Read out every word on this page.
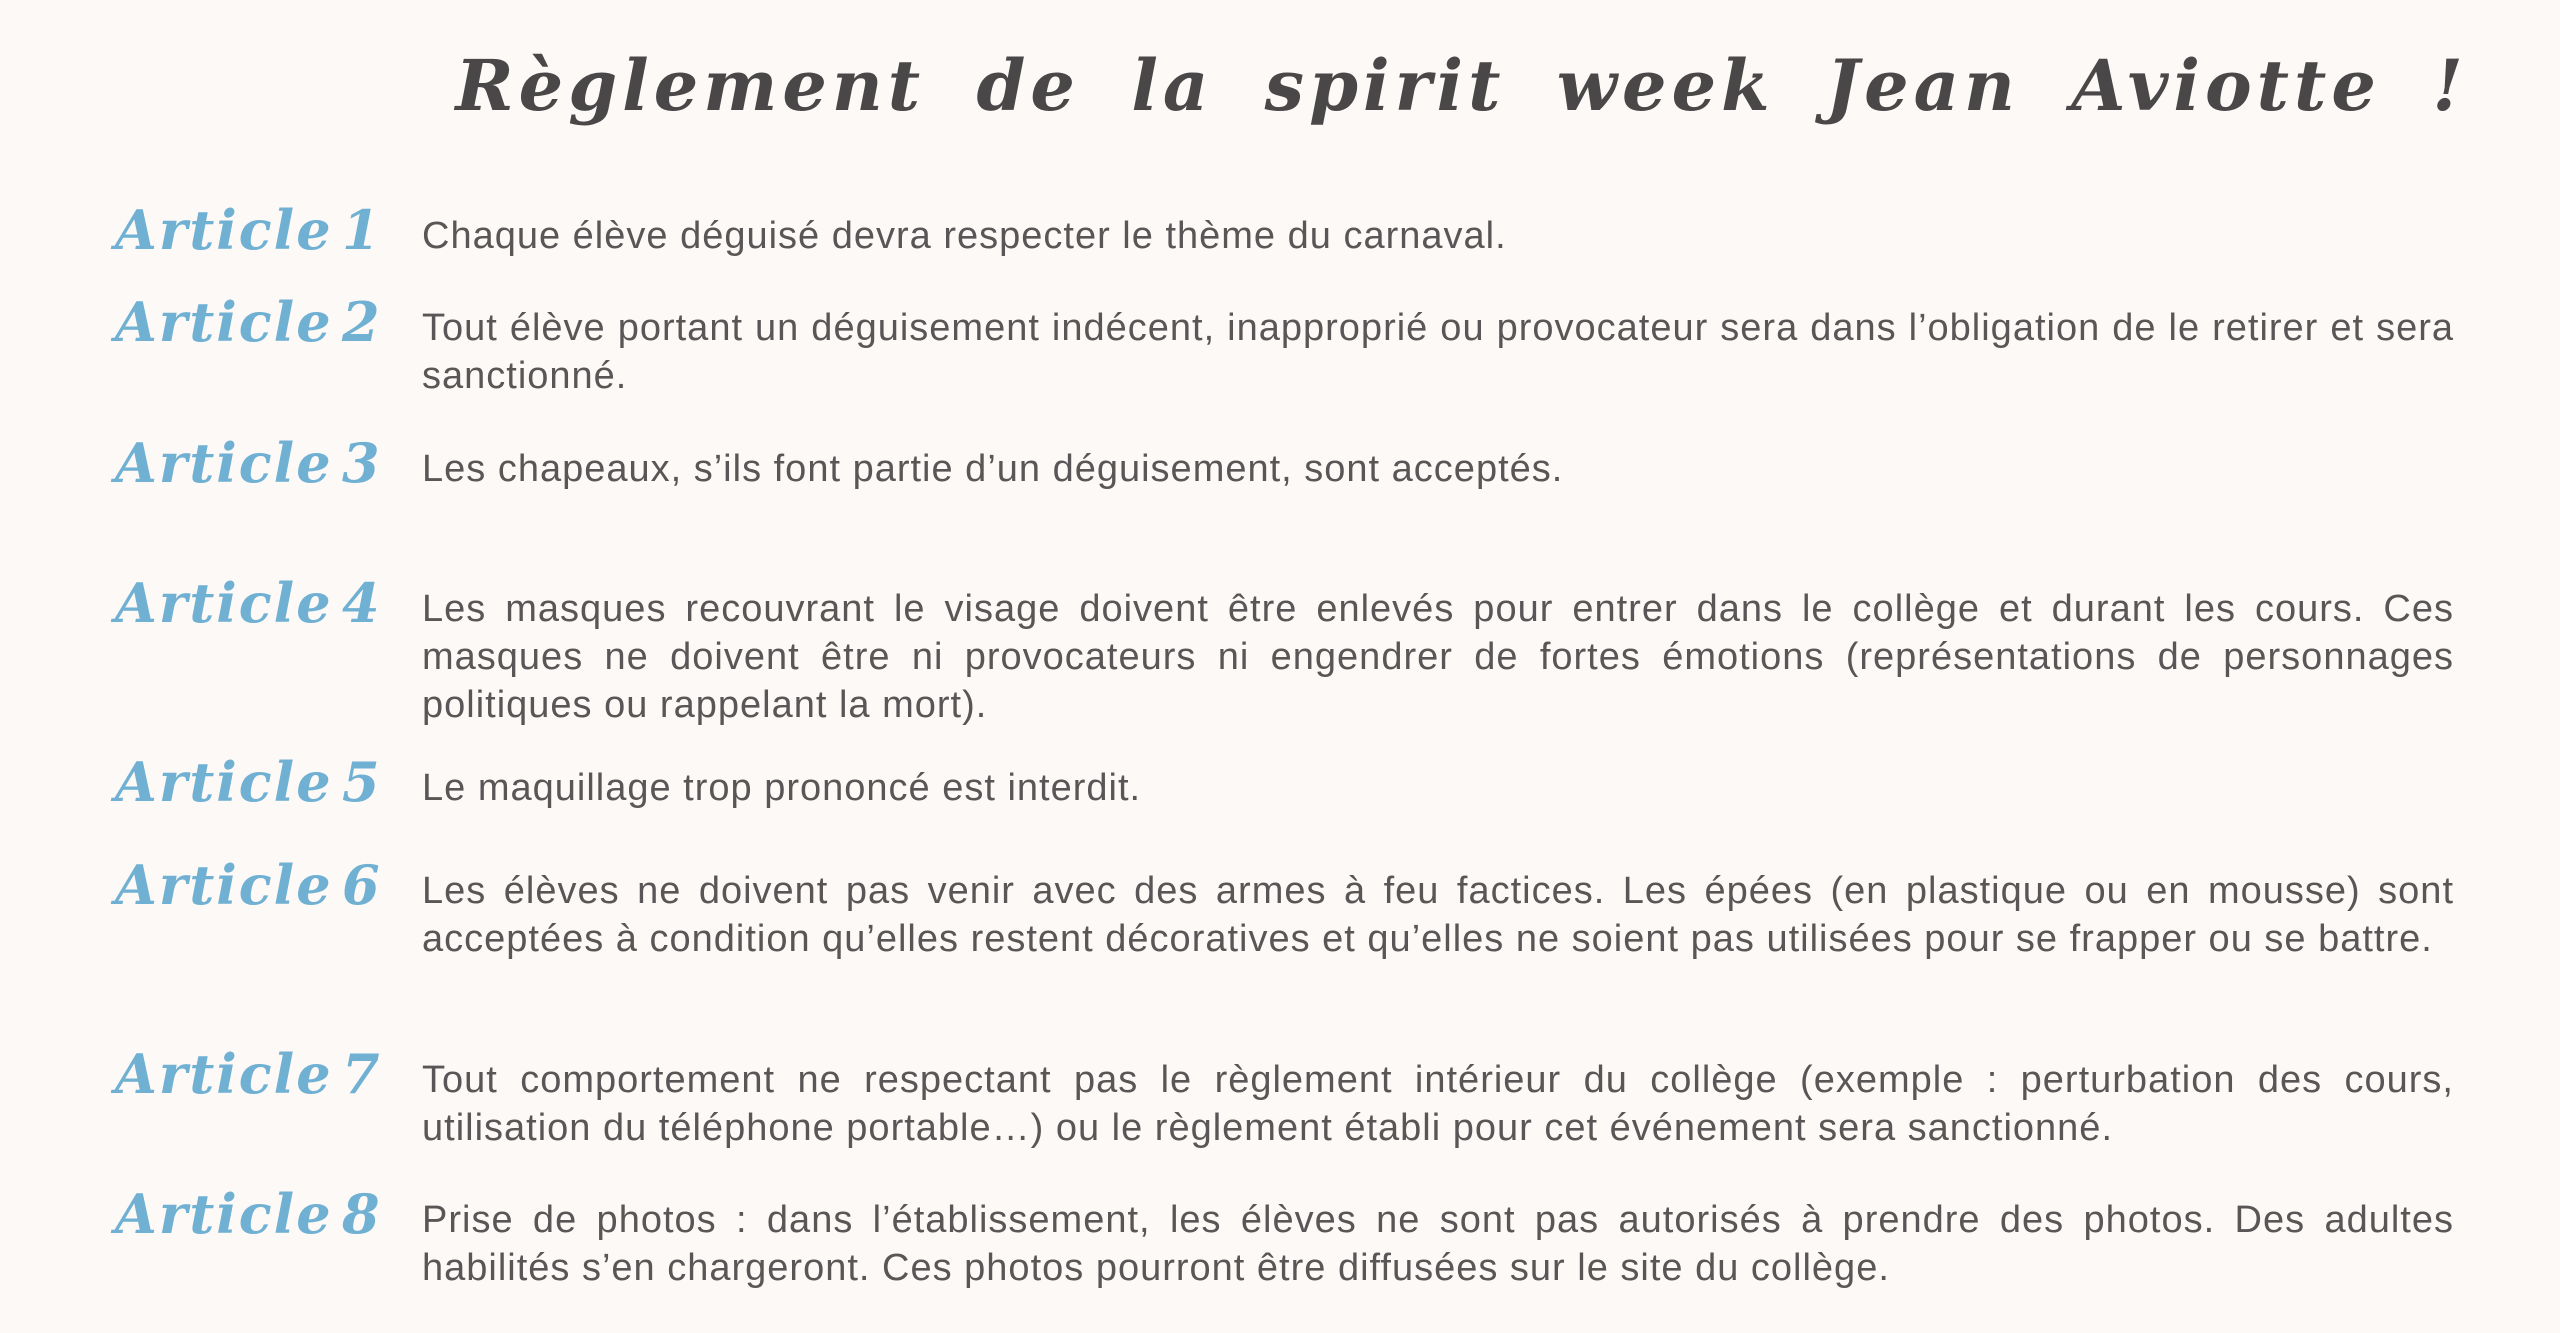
Règlement de la spirit week Jean Aviotte !
Article 1 Chaque élève déguisé devra respecter le thème du carnaval.

Article 2 Tout élève portant un déguisement indécent, inapproprié ou provocateur sera dans l’obligation de le retirer et sera sanctionné.

Article 3 Les chapeaux, s’ils font partie d’un déguisement, sont acceptés.

Article 4 Les masques recouvrant le visage doivent être enlevés pour entrer dans le collège et durant les cours. Ces masques ne doivent être ni provocateurs ni engendrer de fortes émotions (représentations de personnages politiques ou rappelant la mort).

Article 5 Le maquillage trop prononcé est interdit.

Article 6 Les élèves ne doivent pas venir avec des armes à feu factices. Les épées (en plastique ou en mousse) sont acceptées à condition qu’elles restent décoratives et qu’elles ne soient pas utilisées pour se frapper ou se battre.

Article 7 Tout comportement ne respectant pas le règlement intérieur du collège (exemple : perturbation des cours, utilisation du téléphone portable…) ou le règlement établi pour cet événement sera sanctionné.

Article 8 Prise de photos : dans l’établissement, les élèves ne sont pas autorisés à prendre des photos. Des adultes habilités s’en chargeront. Ces photos pourront être diffusées sur le site du collège.
